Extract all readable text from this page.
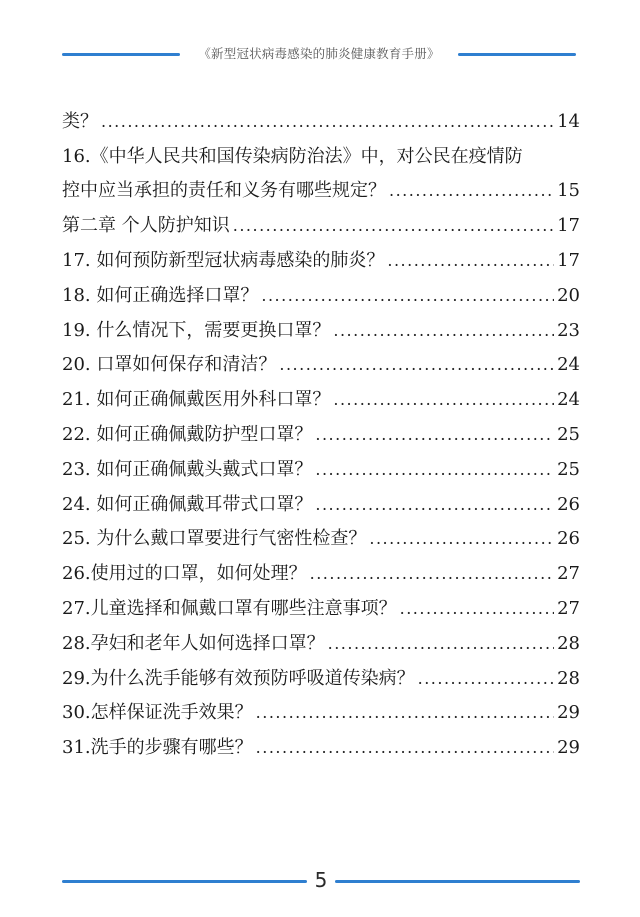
《新型冠状病毒感染的肺炎健康教育手册》
类？ .....	14
16.《中华人民共和国传染病防治法》中，对公民在疫情防
控中应当承担的责任和义务有哪些规定？ .....	15
第二章 个人防护知识 .....	17
17. 如何预防新型冠状病毒感染的肺炎？ .....	17
18. 如何正确选择口罩？ .....	20
19. 什么情况下，需要更换口罩？ .....	23
20. 口罩如何保存和清洁？ .....	24
21. 如何正确佩戴医用外科口罩？ .....	24
22. 如何正确佩戴防护型口罩？ .....	25
23. 如何正确佩戴头戴式口罩？ .....	25
24. 如何正确佩戴耳带式口罩？ .....	26
25. 为什么戴口罩要进行气密性检查？ .....	26
26.使用过的口罩，如何处理？ .....	27
27.儿童选择和佩戴口罩有哪些注意事项？ .....	27
28.孕妇和老年人如何选择口罩？ .....	28
29.为什么洗手能够有效预防呼吸道传染病？ .....	28
30.怎样保证洗手效果？ .....	29
31.洗手的步骤有哪些？ .....	29
5
